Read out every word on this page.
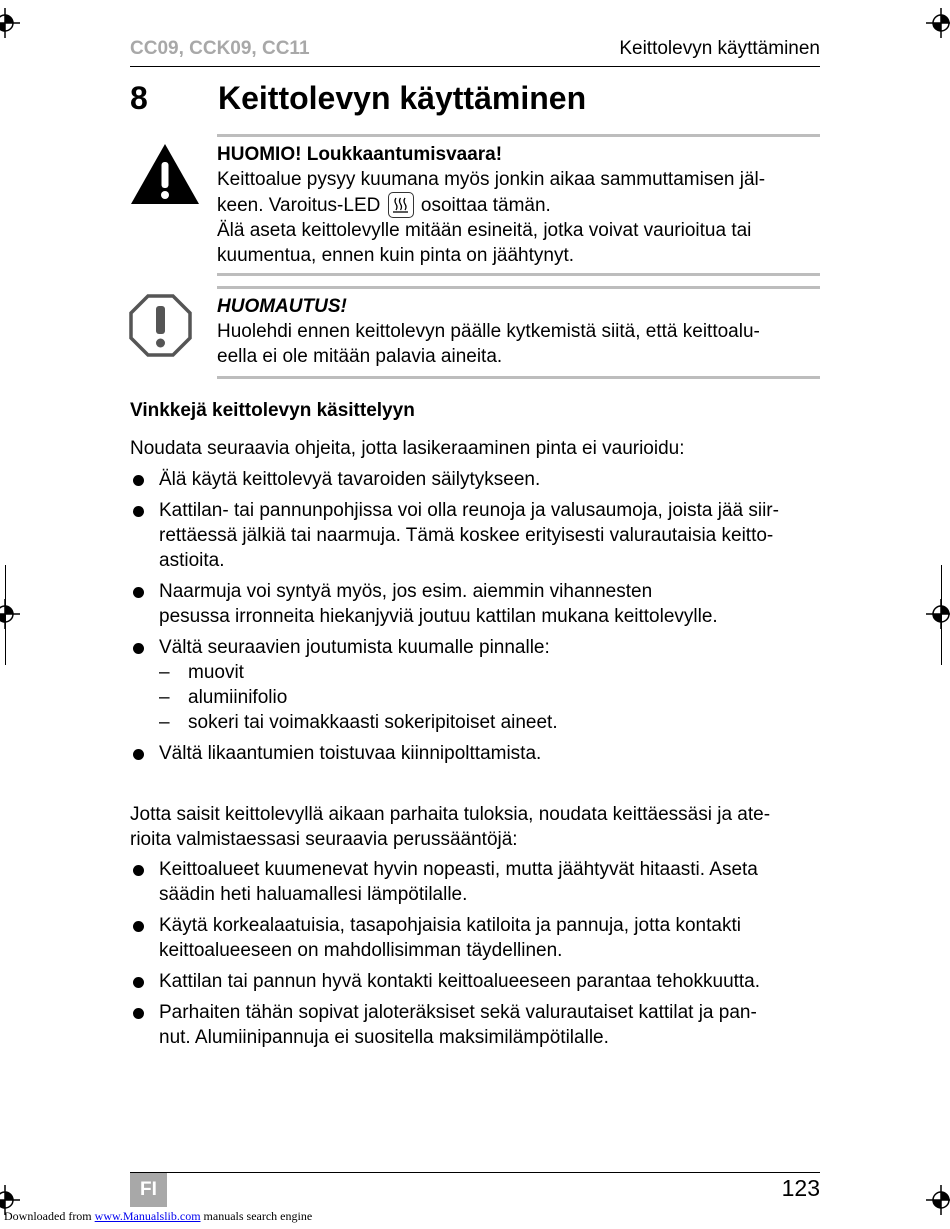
CC09, CCK09, CC11	Keittolevyn käyttäminen
8 Keittolevyn käyttäminen
HUOMIO! Loukkaantumisvaara!
Keittoalue pysyy kuumana myös jonkin aikaa sammuttamisen jäl-
keen. Varoitus-LED osoittaa tämän.
Älä aseta keittolevylle mitään esineitä, jotka voivat vaurioitua tai
kuumentua, ennen kuin pinta on jäähtynyt.
HUOMAUTUS!
Huolehdi ennen keittolevyn päälle kytkemistä siitä, että keittoalu-
eella ei ole mitään palavia aineita.
Vinkkejä keittolevyn käsittelyyn
Noudata seuraavia ohjeita, jotta lasikeraaminen pinta ei vaurioidu:
Älä käytä keittolevyä tavaroiden säilytykseen.
Kattilan- tai pannunpohjissa voi olla reunoja ja valusaumoja, joista jää siir-
rettäessä jälkiä tai naarmuja. Tämä koskee erityisesti valurautaisia keitto-
astioita.
Naarmuja voi syntyä myös, jos esim. aiemmin vihannesten
pesussa irronneita hiekanjyviä joutuu kattilan mukana keittolevylle.
Vältä seuraavien joutumista kuumalle pinnalle:
– muovit
– alumiinifolio
– sokeri tai voimakkaasti sokeripitoiset aineet.
Vältä likaantumien toistuvaa kiinnipolttamista.
Jotta saisit keittolevyllä aikaan parhaita tuloksia, noudata keittäessäsi ja ate-
rioita valmistaessasi seuraavia perussääntöjä:
Keittoalueet kuumenevat hyvin nopeasti, mutta jäähtyvät hitaasti. Aseta
säädin heti haluamallesi lämpötilalle.
Käytä korkealaatuisia, tasapohjaisia katiloita ja pannuja, jotta kontakti
keittoalueeseen on mahdollisimman täydellinen.
Kattilan tai pannun hyvä kontakti keittoalueeseen parantaa tehokkuutta.
Parhaiten tähän sopivat jaloteräksiset sekä valurautaiset kattilat ja pan-
nut. Alumiinipannuja ei suositella maksimilämpötilalle.
FI	123
Downloaded from www.Manualslib.com manuals search engine
